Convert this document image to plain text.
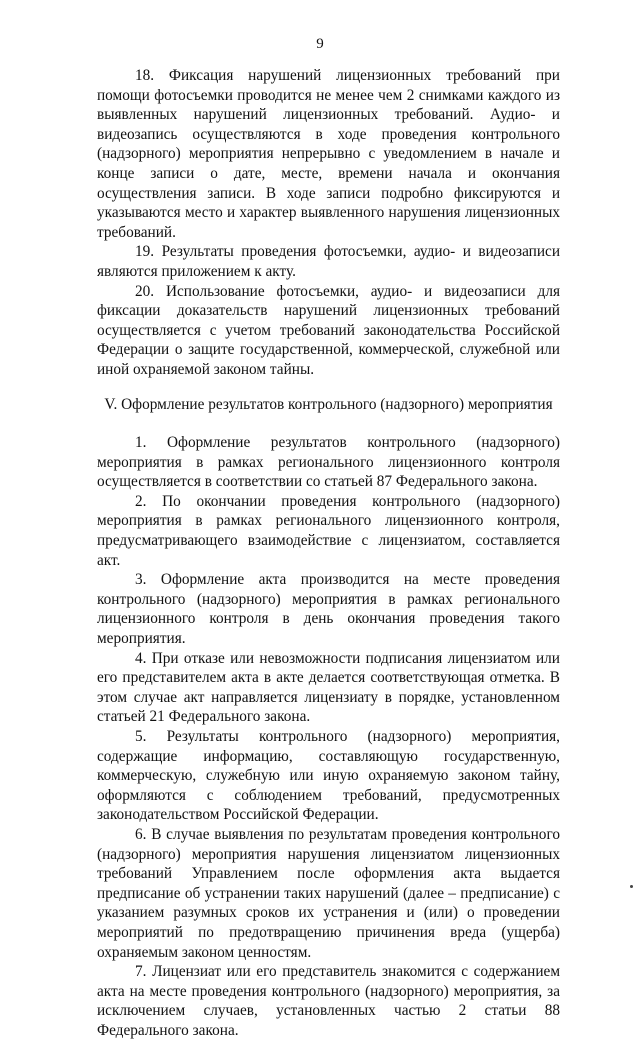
9

18. Фиксация нарушений лицензионных требований при помощи фотосъемки проводится не менее чем 2 снимками каждого из выявленных нарушений лицензионных требований. Аудио- и видеозапись осуществляются в ходе проведения контрольного (надзорного) мероприятия непрерывно с уведомлением в начале и конце записи о дате, месте, времени начала и окончания осуществления записи. В ходе записи подробно фиксируются и указываются место и характер выявленного нарушения лицензионных требований.

19. Результаты проведения фотосъемки, аудио- и видеозаписи являются приложением к акту.

20. Использование фотосъемки, аудио- и видеозаписи для фиксации доказательств нарушений лицензионных требований осуществляется с учетом требований законодательства Российской Федерации о защите государственной, коммерческой, служебной или иной охраняемой законом тайны.

V. Оформление результатов контрольного (надзорного) мероприятия

1. Оформление результатов контрольного (надзорного) мероприятия в рамках регионального лицензионного контроля осуществляется в соответствии со статьей 87 Федерального закона.

2. По окончании проведения контрольного (надзорного) мероприятия в рамках регионального лицензионного контроля, предусматривающего взаимодействие с лицензиатом, составляется акт.

3. Оформление акта производится на месте проведения контрольного (надзорного) мероприятия в рамках регионального лицензионного контроля в день окончания проведения такого мероприятия.

4. При отказе или невозможности подписания лицензиатом или его представителем акта в акте делается соответствующая отметка. В этом случае акт направляется лицензиату в порядке, установленном статьей 21 Федерального закона.

5. Результаты контрольного (надзорного) мероприятия, содержащие информацию, составляющую государственную, коммерческую, служебную или иную охраняемую законом тайну, оформляются с соблюдением требований, предусмотренных законодательством Российской Федерации.

6. В случае выявления по результатам проведения контрольного (надзорного) мероприятия нарушения лицензиатом лицензионных требований Управлением после оформления акта выдается предписание об устранении таких нарушений (далее – предписание) с указанием разумных сроков их устранения и (или) о проведении мероприятий по предотвращению причинения вреда (ущерба) охраняемым законом ценностям.

7. Лицензиат или его представитель знакомится с содержанием акта на месте проведения контрольного (надзорного) мероприятия, за исключением случаев, установленных частью 2 статьи 88 Федерального закона.
